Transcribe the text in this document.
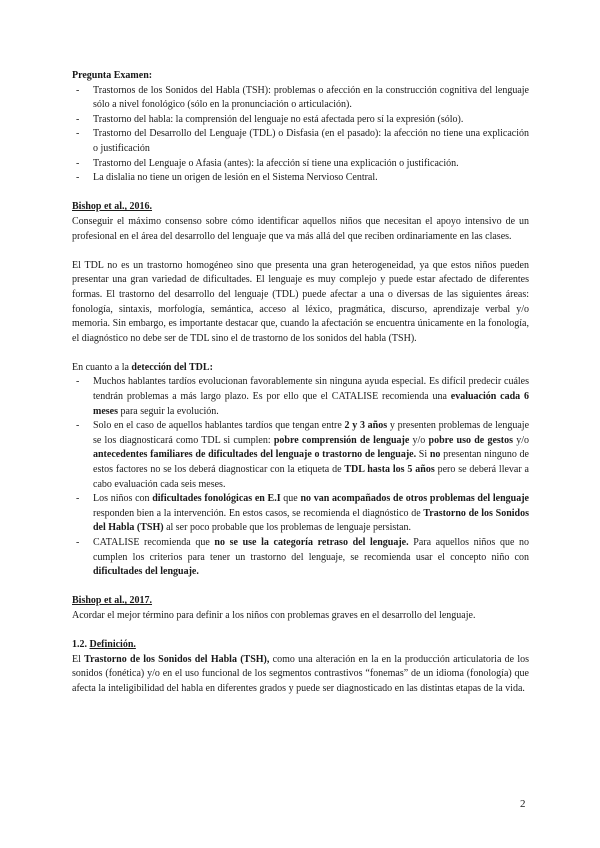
Pregunta Examen:

- Trastornos de los Sonidos del Habla (TSH): problemas o afección en la construcción cognitiva del lenguaje sólo a nivel fonológico (sólo en la pronunciación o articulación).
- Trastorno del habla: la comprensión del lenguaje no está afectada pero sí la expresión (sólo).
- Trastorno del Desarrollo del Lenguaje (TDL) o Disfasia (en el pasado): la afección no tiene una explicación o justificación
- Trastorno del Lenguaje o Afasia (antes): la afección sí tiene una explicación o justificación.
- La dislalia no tiene un origen de lesión en el Sistema Nervioso Central.

Bishop et al., 2016.

Conseguir el máximo consenso sobre cómo identificar aquellos niños que necesitan el apoyo intensivo de un profesional en el área del desarrollo del lenguaje que va más allá del que reciben ordinariamente en las clases.

El TDL no es un trastorno homogéneo sino que presenta una gran heterogeneidad, ya que estos niños pueden presentar una gran variedad de dificultades. El lenguaje es muy complejo y puede estar afectado de diferentes formas. El trastorno del desarrollo del lenguaje (TDL) puede afectar a una o diversas de las siguientes áreas: fonología, sintaxis, morfología, semántica, acceso al léxico, pragmática, discurso, aprendizaje verbal y/o memoria. Sin embargo, es importante destacar que, cuando la afectación se encuentra únicamente en la fonología, el diagnóstico no debe ser de TDL sino el de trastorno de los sonidos del habla (TSH).

En cuanto a la detección del TDL:

- Muchos hablantes tardíos evolucionan favorablemente sin ninguna ayuda especial. Es difícil predecir cuáles tendrán problemas a más largo plazo. Es por ello que el CATALISE recomienda una evaluación cada 6 meses para seguir la evolución.
- Solo en el caso de aquellos hablantes tardíos que tengan entre 2 y 3 años y presenten problemas de lenguaje se los diagnosticará como TDL si cumplen: pobre comprensión de lenguaje y/o pobre uso de gestos y/o antecedentes familiares de dificultades del lenguaje o trastorno de lenguaje. Si no presentan ninguno de estos factores no se los deberá diagnosticar con la etiqueta de TDL hasta los 5 años pero se deberá llevar a cabo evaluación cada seis meses.
- Los niños con dificultades fonológicas en E.I que no van acompañados de otros problemas del lenguaje responden bien a la intervención. En estos casos, se recomienda el diagnóstico de Trastorno de los Sonidos del Habla (TSH) al ser poco probable que los problemas de lenguaje persistan.
- CATALISE recomienda que no se use la categoría retraso del lenguaje. Para aquellos niños que no cumplen los criterios para tener un trastorno del lenguaje, se recomienda usar el concepto niño con dificultades del lenguaje.

Bishop et al., 2017.

Acordar el mejor término para definir a los niños con problemas graves en el desarrollo del lenguaje.

1.2. Definición.

El Trastorno de los Sonidos del Habla (TSH), como una alteración en la en la producción articulatoria de los sonidos (fonética) y/o en el uso funcional de los segmentos contrastivos “fonemas” de un idioma (fonología) que afecta la inteligibilidad del habla en diferentes grados y puede ser diagnosticado en las distintas etapas de la vida.

2
